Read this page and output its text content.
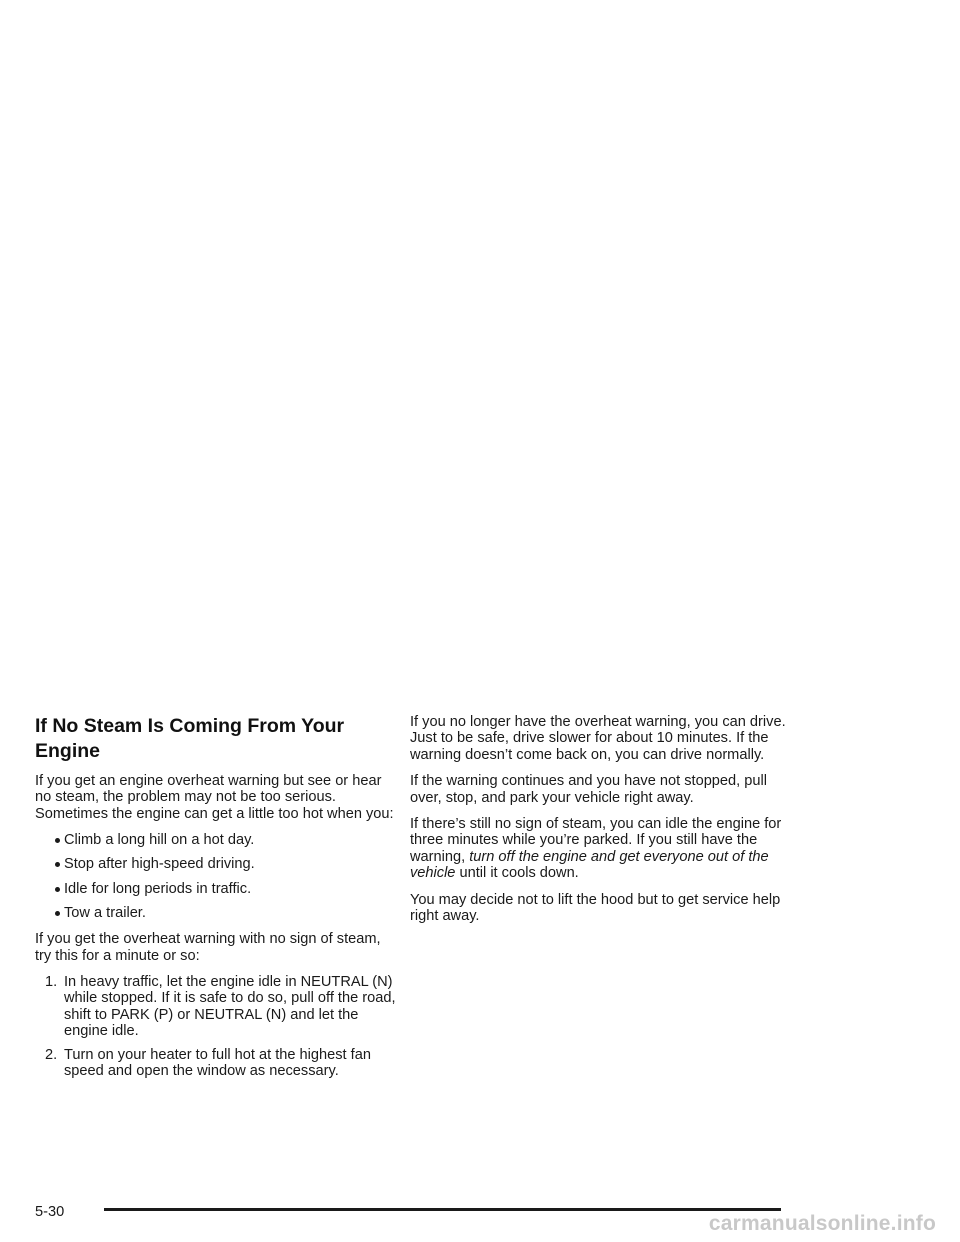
If No Steam Is Coming From Your Engine

If you get an engine overheat warning but see or hear no steam, the problem may not be too serious. Sometimes the engine can get a little too hot when you:

Climb a long hill on a hot day.
Stop after high-speed driving.
Idle for long periods in traffic.
Tow a trailer.

If you get the overheat warning with no sign of steam, try this for a minute or so:

1. In heavy traffic, let the engine idle in NEUTRAL (N) while stopped. If it is safe to do so, pull off the road, shift to PARK (P) or NEUTRAL (N) and let the engine idle.
2. Turn on your heater to full hot at the highest fan speed and open the window as necessary.

If you no longer have the overheat warning, you can drive. Just to be safe, drive slower for about 10 minutes. If the warning doesn’t come back on, you can drive normally.

If the warning continues and you have not stopped, pull over, stop, and park your vehicle right away.

If there’s still no sign of steam, you can idle the engine for three minutes while you’re parked. If you still have the warning, turn off the engine and get everyone out of the vehicle until it cools down.

You may decide not to lift the hood but to get service help right away.

5-30	carmanualsonline.info
